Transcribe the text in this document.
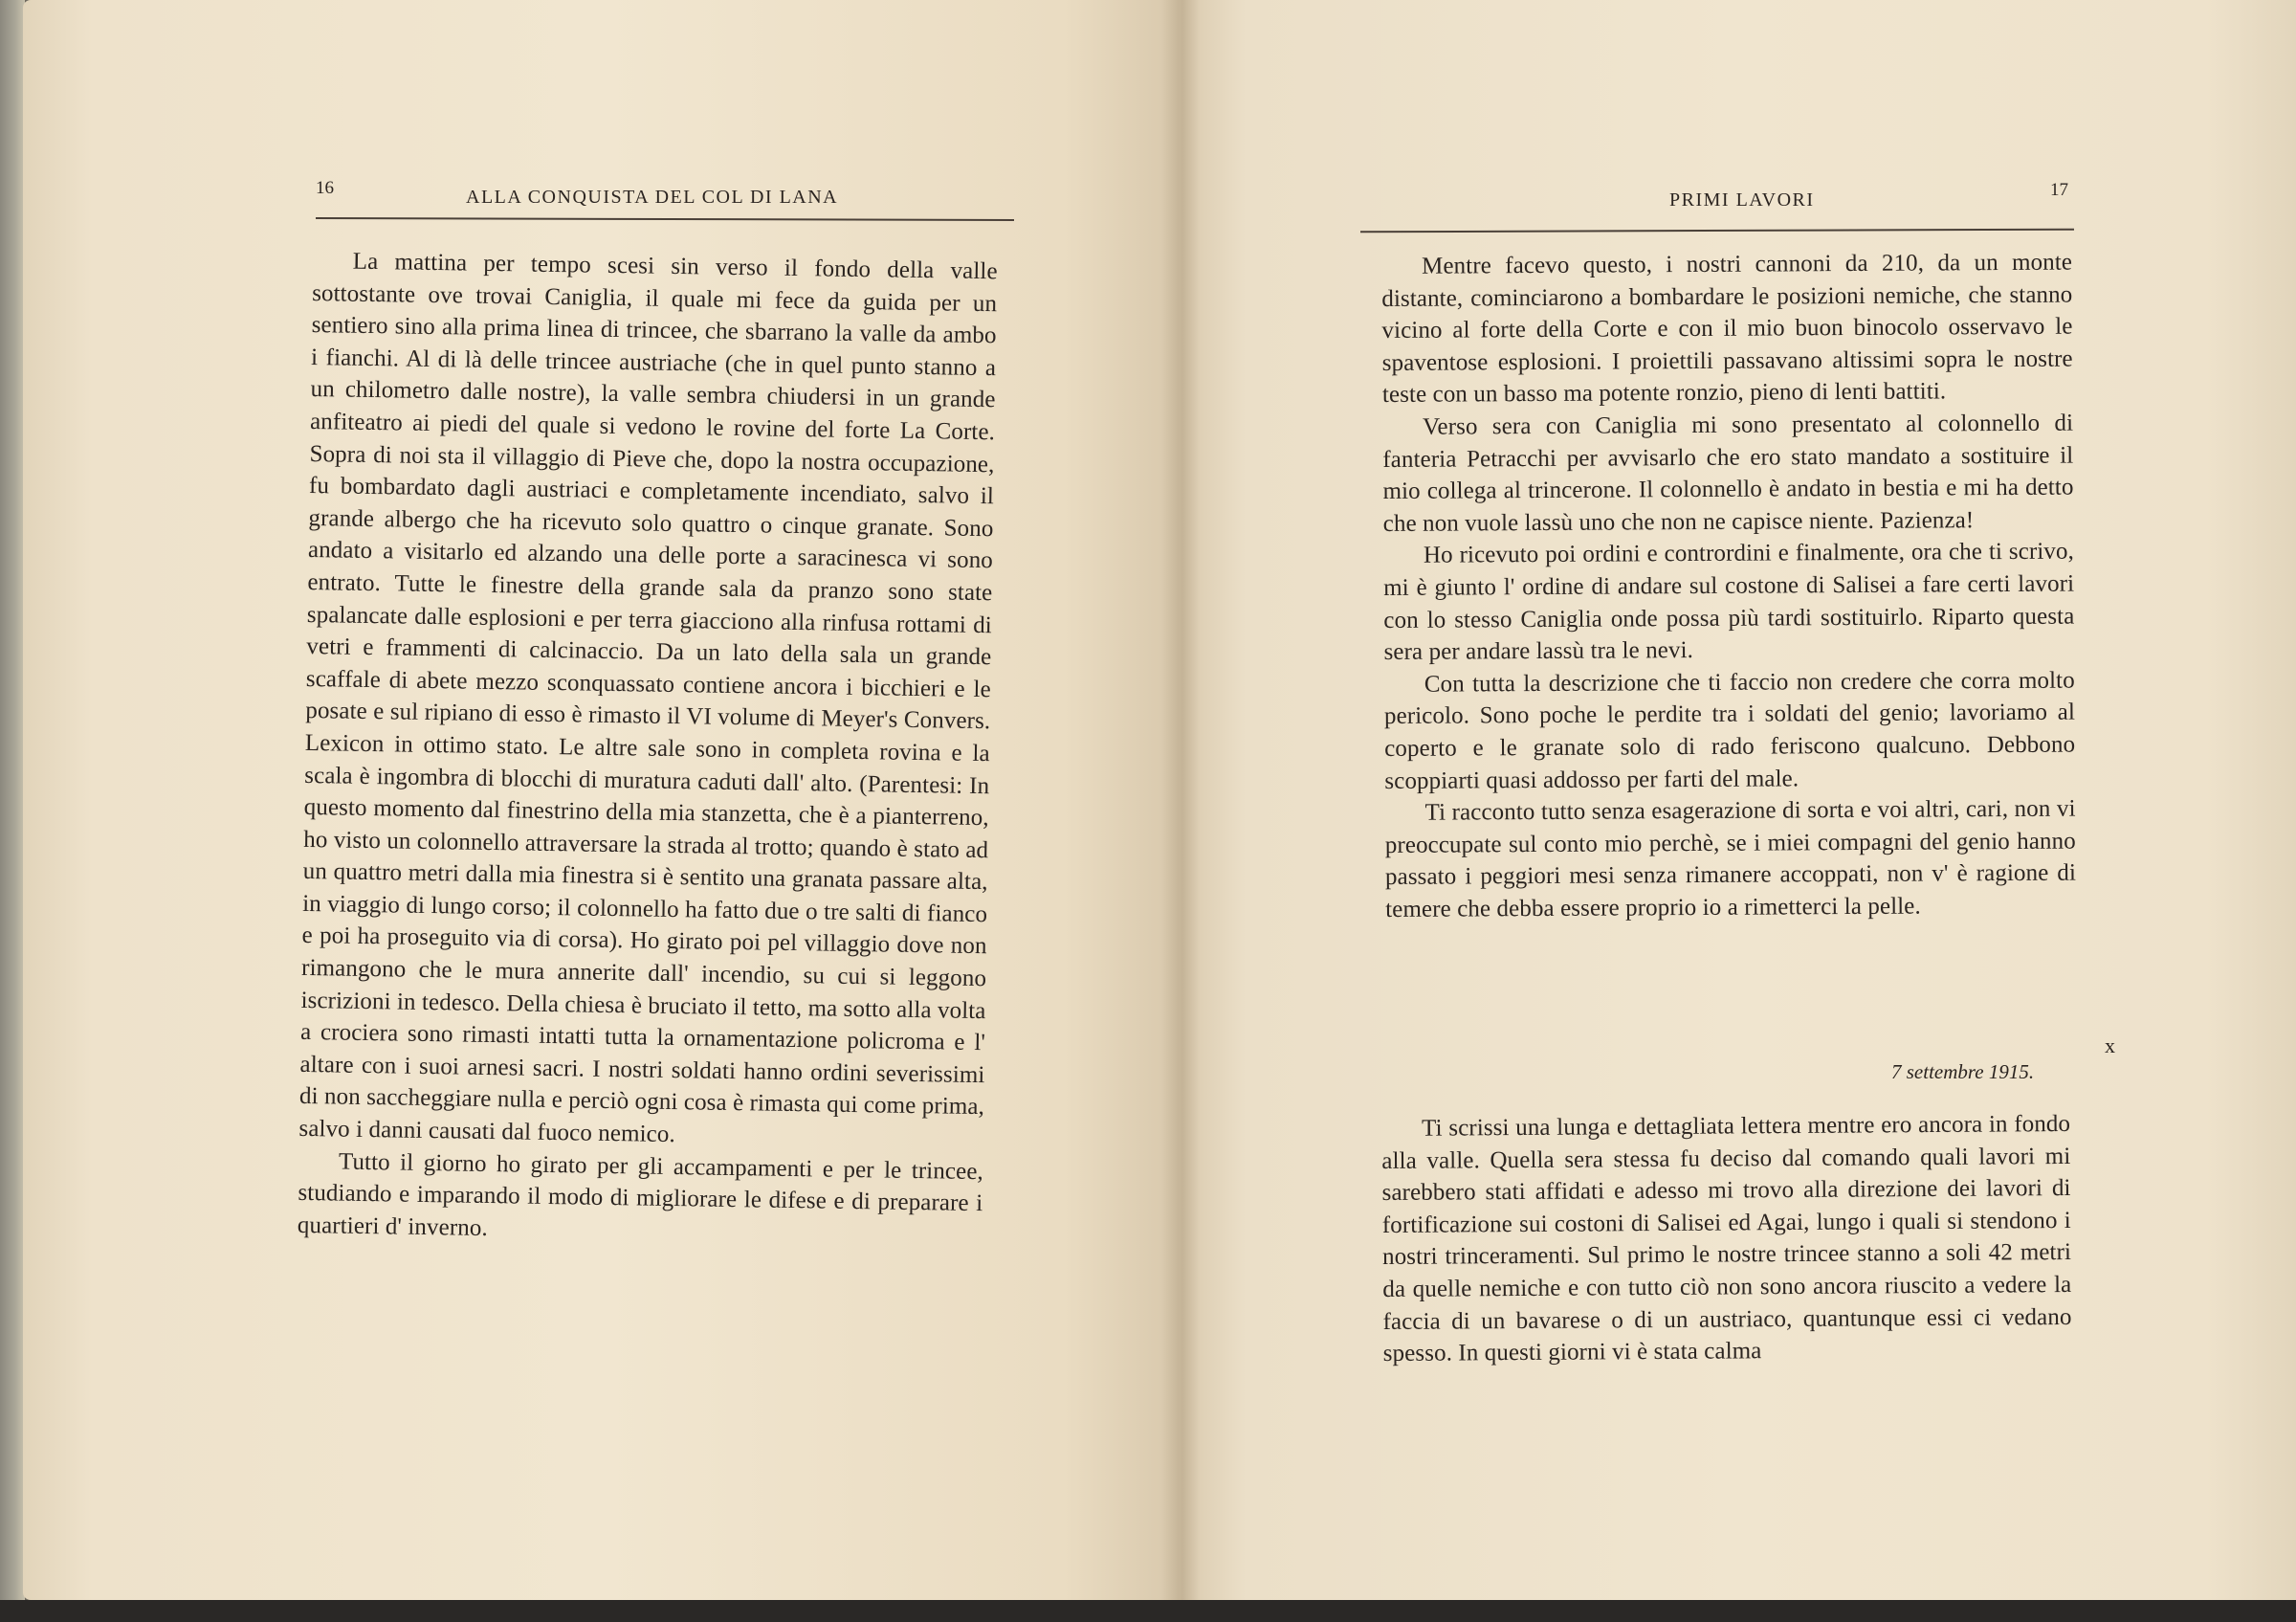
16	ALLA CONQUISTA DEL COL DI LANA

La mattina per tempo scesi sin verso il fondo della valle sottostante ove trovai Caniglia, il quale mi fece da guida per un sentiero sino alla prima linea di trincee, che sbarrano la valle da ambo i fianchi. Al di là delle trincee austriache (che in quel punto stanno a un chilometro dalle nostre), la valle sembra chiudersi in un grande anfiteatro ai piedi del quale si vedono le rovine del forte La Corte. Sopra di noi sta il villaggio di Pieve che, dopo la nostra occupazione, fu bombardato dagli austriaci e completamente incendiato, salvo il grande albergo che ha ricevuto solo quattro o cinque granate. Sono andato a visitarlo ed alzando una delle porte a saracinesca vi sono entrato. Tutte le finestre della grande sala da pranzo sono state spalancate dalle esplosioni e per terra giacciono alla rinfusa rottami di vetri e frammenti di calcinaccio. Da un lato della sala un grande scaffale di abete mezzo sconquassato contiene ancora i bicchieri e le posate e sul ripiano di esso è rimasto il VI volume di Meyer's Convers. Lexicon in ottimo stato. Le altre sale sono in completa rovina e la scala è ingombra di blocchi di muratura caduti dall' alto. (Parentesi: In questo momento dal finestrino della mia stanzetta, che è a pianterreno, ho visto un colonnello attraversare la strada al trotto; quando è stato ad un quattro metri dalla mia finestra si è sentito una granata passare alta, in viaggio di lungo corso; il colonnello ha fatto due o tre salti di fianco e poi ha proseguito via di corsa). Ho girato poi pel villaggio dove non rimangono che le mura annerite dall' incendio, su cui si leggono iscrizioni in tedesco. Della chiesa è bruciato il tetto, ma sotto alla volta a crociera sono rimasti intatti tutta la ornamentazione policroma e l' altare con i suoi arnesi sacri. I nostri soldati hanno ordini severissimi di non saccheggiare nulla e perciò ogni cosa è rimasta qui come prima, salvo i danni causati dal fuoco nemico.

Tutto il giorno ho girato per gli accampamenti e per le trincee, studiando e imparando il modo di migliorare le difese e di preparare i quartieri d' inverno.

PRIMI LAVORI	17

Mentre facevo questo, i nostri cannoni da 210, da un monte distante, cominciarono a bombardare le posizioni nemiche, che stanno vicino al forte della Corte e con il mio buon binocolo osservavo le spaventose esplosioni. I proiettili passavano altissimi sopra le nostre teste con un basso ma potente ronzio, pieno di lenti battiti.

Verso sera con Caniglia mi sono presentato al colonnello di fanteria Petracchi per avvisarlo che ero stato mandato a sostituire il mio collega al trincerone. Il colonnello è andato in bestia e mi ha detto che non vuole lassù uno che non ne capisce niente. Pazienza!

Ho ricevuto poi ordini e contrordini e finalmente, ora che ti scrivo, mi è giunto l' ordine di andare sul costone di Salisei a fare certi lavori con lo stesso Caniglia onde possa più tardi sostituirlo. Riparto questa sera per andare lassù tra le nevi.

Con tutta la descrizione che ti faccio non credere che corra molto pericolo. Sono poche le perdite tra i soldati del genio; lavoriamo al coperto e le granate solo di rado feriscono qualcuno. Debbono scoppiarti quasi addosso per farti del male.

Ti racconto tutto senza esagerazione di sorta e voi altri, cari, non vi preoccupate sul conto mio perchè, se i miei compagni del genio hanno passato i peggiori mesi senza rimanere accoppati, non v' è ragione di temere che debba essere proprio io a rimetterci la pelle.

x
7 settembre 1915.

Ti scrissi una lunga e dettagliata lettera mentre ero ancora in fondo alla valle. Quella sera stessa fu deciso dal comando quali lavori mi sarebbero stati affidati e adesso mi trovo alla direzione dei lavori di fortificazione sui costoni di Salisei ed Agai, lungo i quali si stendono i nostri trinceramenti. Sul primo le nostre trincee stanno a soli 42 metri da quelle nemiche e con tutto ciò non sono ancora riuscito a vedere la faccia di un bavarese o di un austriaco, quantunque essi ci vedano spesso. In questi giorni vi è stata calma
